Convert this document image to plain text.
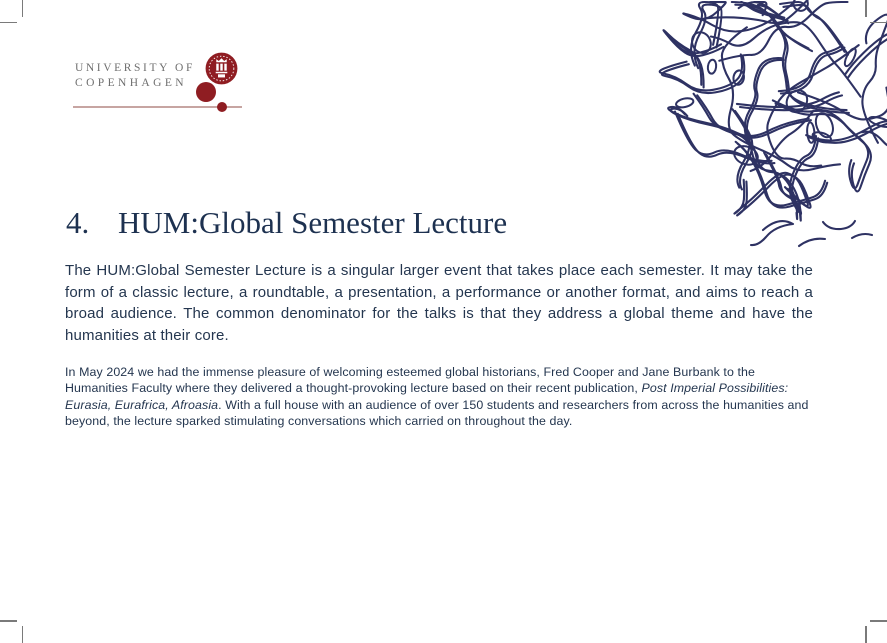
UNIVERSITY OF
COPENHAGEN
4. HUM:Global Semester Lecture

The HUM:Global Semester Lecture is a singular larger event that takes place each semester. It may take the form of a classic lecture, a roundtable, a presentation, a performance or another format, and aims to reach a broad audience. The common denominator for the talks is that they address a global theme and have the humanities at their core.

In May 2024 we had the immense pleasure of welcoming esteemed global historians, Fred Cooper and Jane Burbank to the Humanities Faculty where they delivered a thought-provoking lecture based on their recent publication, Post Imperial Possibilities: Eurasia, Eurafrica, Afroasia. With a full house with an audience of over 150 students and researchers from across the humanities and beyond, the lecture sparked stimulating conversations which carried on throughout the day.
